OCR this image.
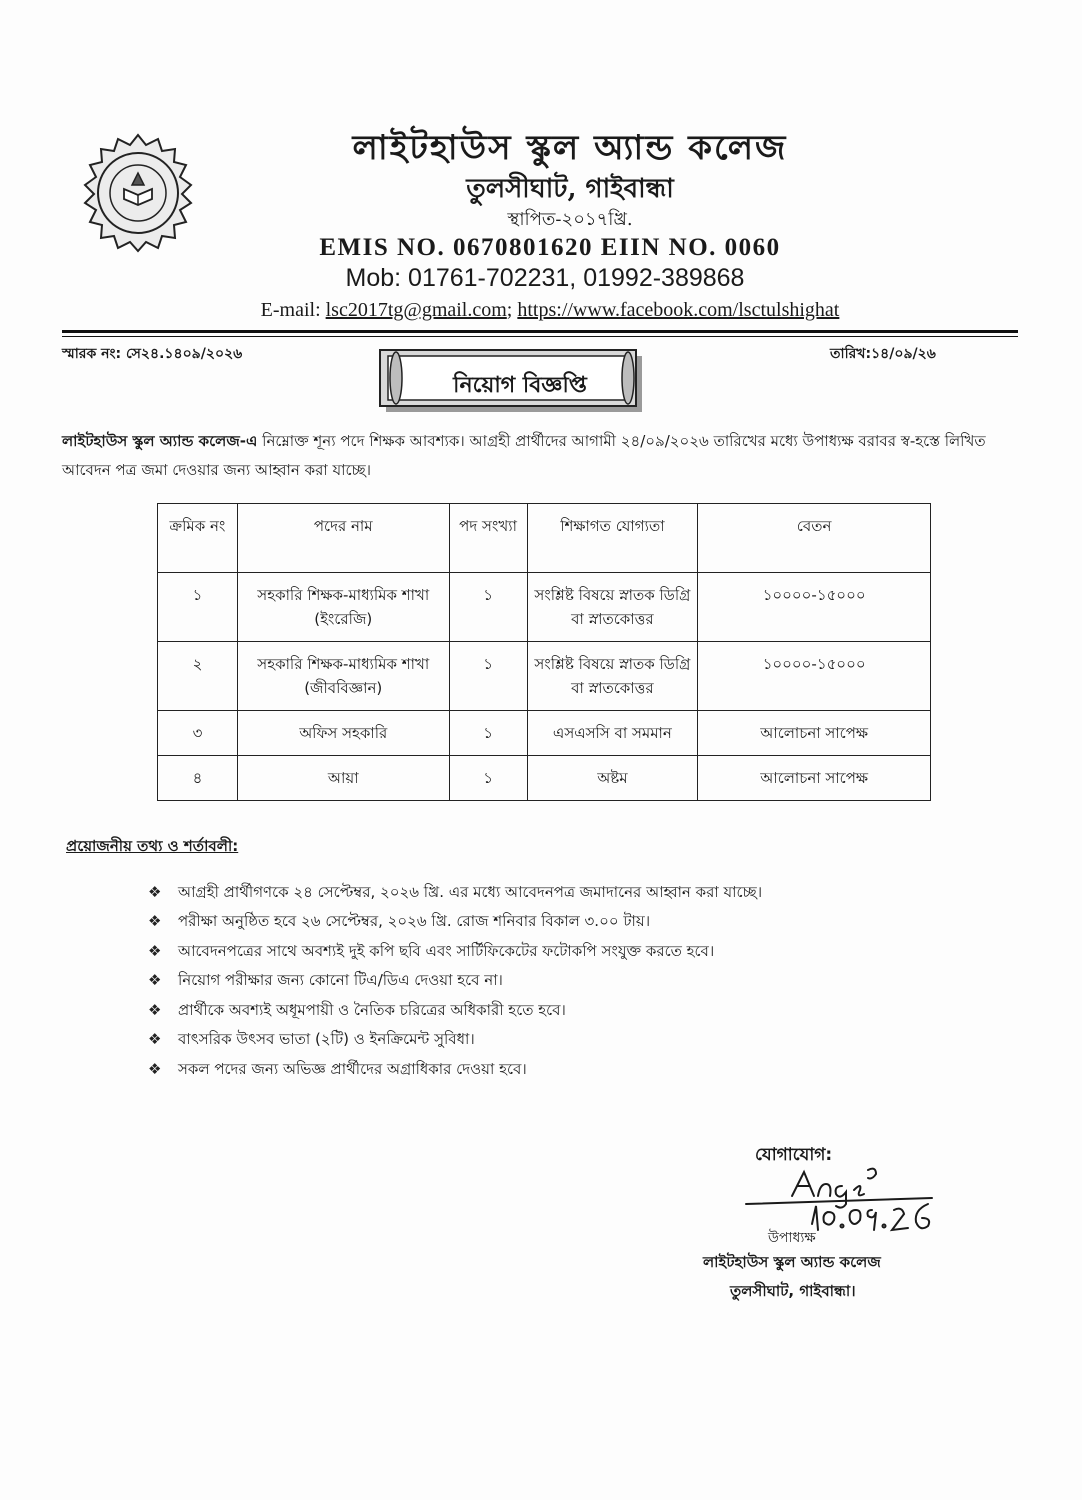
লাইটহাউস স্কুল অ্যান্ড কলেজ
তুলসীঘাট, গাইবান্ধা
স্থাপিত-২০১৭খ্রি.
EMIS NO. 0670801620 EIIN NO. 0060
Mob: 01761-702231, 01992-389868
E-mail: lsc2017tg@gmail.com; https://www.facebook.com/lsctulshighat
স্মারক নং: সে২৪.১৪০৯/২০২৬	তারিখ:১৪/০৯/২৬
নিয়োগ বিজ্ঞপ্তি
লাইটহাউস স্কুল অ্যান্ড কলেজ-এ নিম্নোক্ত শূন্য পদে শিক্ষক আবশ্যক। আগ্রহী প্রার্থীদের আগামী ২৪/০৯/২০২৬ তারিখের মধ্যে উপাধ্যক্ষ বরাবর স্ব-হস্তে লিখিত আবেদন পত্র জমা দেওয়ার জন্য আহ্বান করা যাচ্ছে।
ক্রমিক নং	পদের নাম	পদ সংখ্যা	শিক্ষাগত যোগ্যতা	বেতন
১	সহকারি শিক্ষক-মাধ্যমিক শাখা (ইংরেজি)	১	সংশ্লিষ্ট বিষয়ে স্নাতক ডিগ্রি বা স্নাতকোত্তর	১০০০০-১৫০০০
২	সহকারি শিক্ষক-মাধ্যমিক শাখা (জীববিজ্ঞান)	১	সংশ্লিষ্ট বিষয়ে স্নাতক ডিগ্রি বা স্নাতকোত্তর	১০০০০-১৫০০০
৩	অফিস সহকারি	১	এসএসসি বা সমমান	আলোচনা সাপেক্ষ
৪	আয়া	১	অষ্টম	আলোচনা সাপেক্ষ
প্রয়োজনীয় তথ্য ও শর্তাবলী:
❖	আগ্রহী প্রার্থীগণকে ২৪ সেপ্টেম্বর, ২০২৬ খ্রি. এর মধ্যে আবেদনপত্র জমাদানের আহ্বান করা যাচ্ছে।
❖	পরীক্ষা অনুষ্ঠিত হবে ২৬ সেপ্টেম্বর, ২০২৬ খ্রি. রোজ শনিবার বিকাল ৩.০০ টায়।
❖	আবেদনপত্রের সাথে অবশ্যই দুই কপি ছবি এবং সার্টিফিকেটের ফটোকপি সংযুক্ত করতে হবে।
❖	নিয়োগ পরীক্ষার জন্য কোনো টিএ/ডিএ দেওয়া হবে না।
❖	প্রার্থীকে অবশ্যই অধূমপায়ী ও নৈতিক চরিত্রের অধিকারী হতে হবে।
❖	বাৎসরিক উৎসব ভাতা (২টি) ও ইনক্রিমেন্ট সুবিধা।
❖	সকল পদের জন্য অভিজ্ঞ প্রার্থীদের অগ্রাধিকার দেওয়া হবে।
যোগাযোগ:
উপাধ্যক্ষ
লাইটহাউস স্কুল অ্যান্ড কলেজ
তুলসীঘাট, গাইবান্ধা।
